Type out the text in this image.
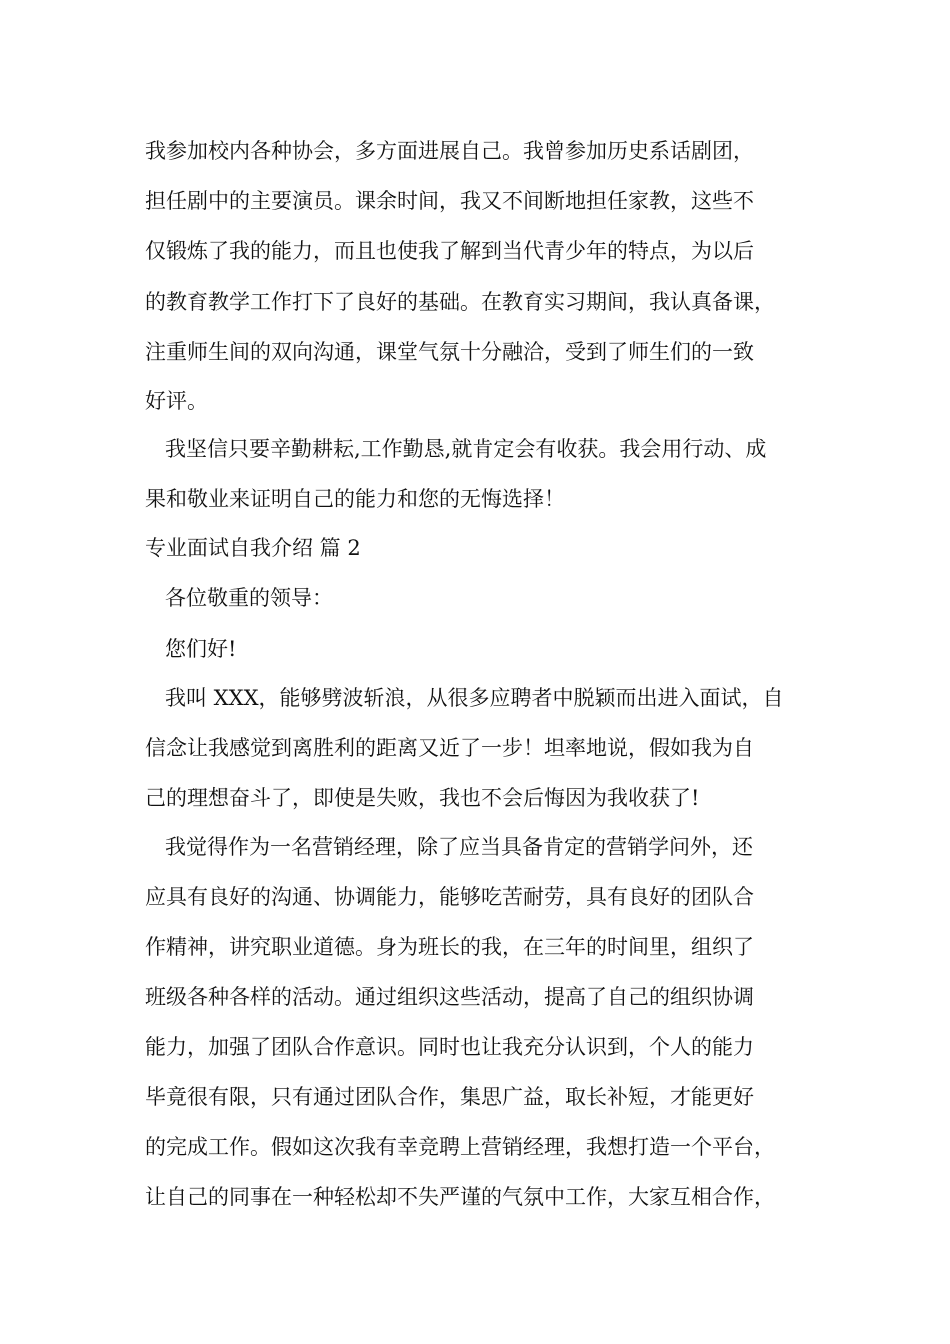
我参加校内各种协会，多方面进展自己。我曾参加历史系话剧团，
担任剧中的主要演员。课余时间，我又不间断地担任家教，这些不
仅锻炼了我的能力，而且也使我了解到当代青少年的特点，为以后
的教育教学工作打下了良好的基础。在教育实习期间，我认真备课，
注重师生间的双向沟通，课堂气氛十分融洽，受到了师生们的一致
好评。
我坚信只要辛勤耕耘,工作勤恳,就肯定会有收获。我会用行动、成
果和敬业来证明自己的能力和您的无悔选择！
专业面试自我介绍 篇 2
各位敬重的领导：
您们好!
我叫 XXX，能够劈波斩浪，从很多应聘者中脱颖而出进入面试，自
信念让我感觉到离胜利的距离又近了一步！坦率地说，假如我为自
己的理想奋斗了，即使是失败，我也不会后悔因为我收获了!
我觉得作为一名营销经理，除了应当具备肯定的营销学问外，还
应具有良好的沟通、协调能力，能够吃苦耐劳，具有良好的团队合
作精神，讲究职业道德。身为班长的我，在三年的时间里，组织了
班级各种各样的活动。通过组织这些活动，提高了自己的组织协调
能力，加强了团队合作意识。同时也让我充分认识到，个人的能力
毕竟很有限，只有通过团队合作，集思广益，取长补短，才能更好
的完成工作。假如这次我有幸竞聘上营销经理，我想打造一个平台，
让自己的同事在一种轻松却不失严谨的气氛中工作，大家互相合作，
